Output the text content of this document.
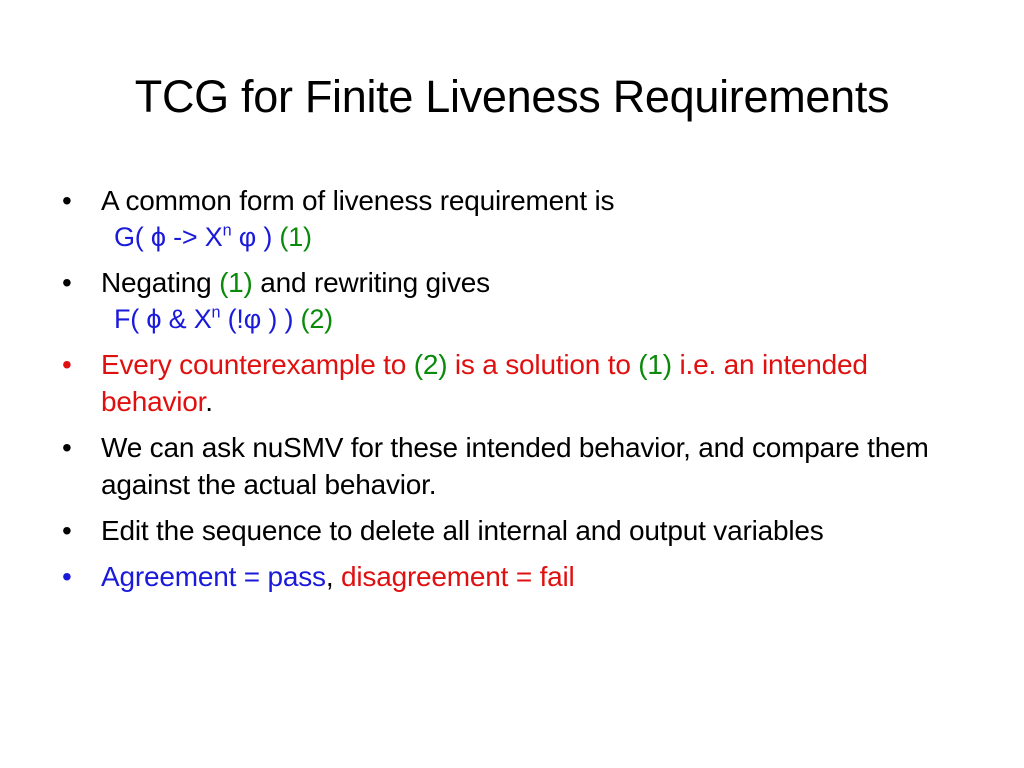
TCG for Finite Liveness Requirements
• A common form of liveness requirement is
G( $\phi -> X^n$ φ ) (1)
• Negating (1) and rewriting gives
F( ϕ & $X^n$ (!φ ) ) (2)
• Every counterexample to (2) is a solution to (1) i.e. an intended behavior.
• We can ask nuSMV for these intended behavior, and compare them against the actual behavior.
• Edit the sequence to delete all internal and output variables
• Agreement = pass, disagreement = fail
